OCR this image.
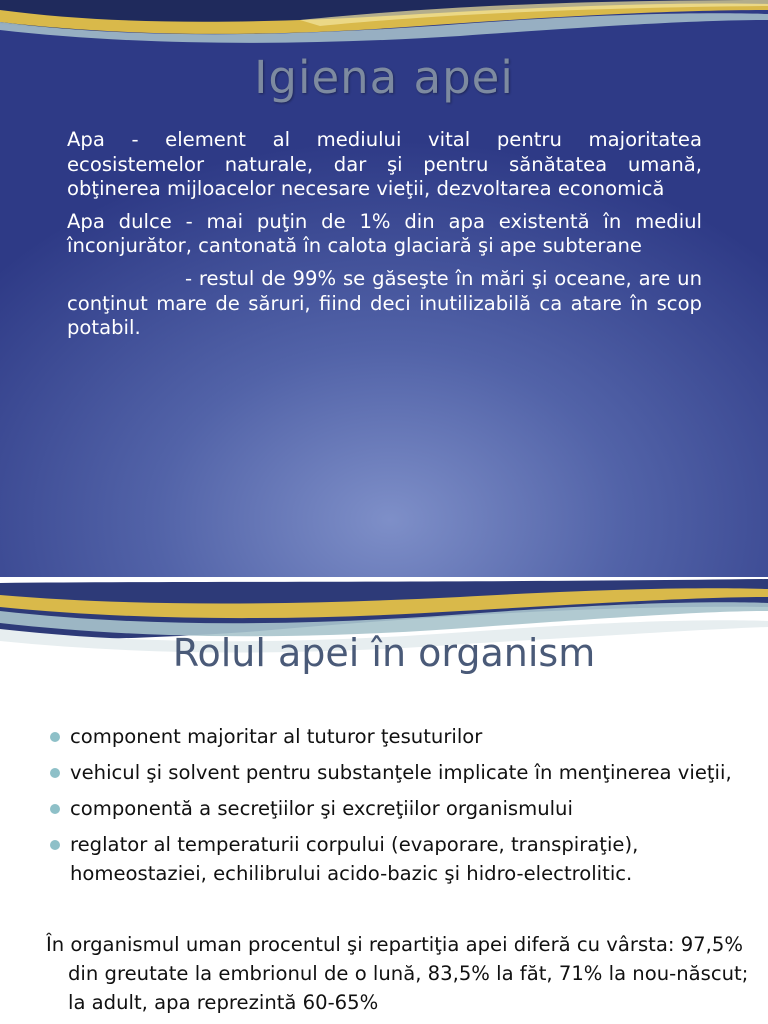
Igiena apei

Apa - element al mediului vital pentru majoritatea ecosistemelor naturale, dar şi pentru sănătatea umană, obţinerea mijloacelor necesare vieţii, dezvoltarea economică

Apa dulce - mai puţin de 1% din apa existentă în mediul înconjurător, cantonată în calota glaciară şi ape subterane

- restul de 99% se găseşte în mări şi oceane, are un conţinut mare de săruri, fiind deci inutilizabilă ca atare în scop potabil.

Rolul apei în organism
component majoritar al tuturor ţesuturilor
vehicul şi solvent pentru substanţele implicate în menţinerea vieţii,
componentă a secreţiilor şi excreţiilor organismului
reglator al temperaturii corpului (evaporare, transpiraţie), homeostaziei, echilibrului acido-bazic şi hidro-electrolitic.
În organismul uman procentul şi repartiţia apei diferă cu vârsta: 97,5% din greutate la embrionul de o lună, 83,5% la făt, 71% la nou-născut; la adult, apa reprezintă 60-65%
